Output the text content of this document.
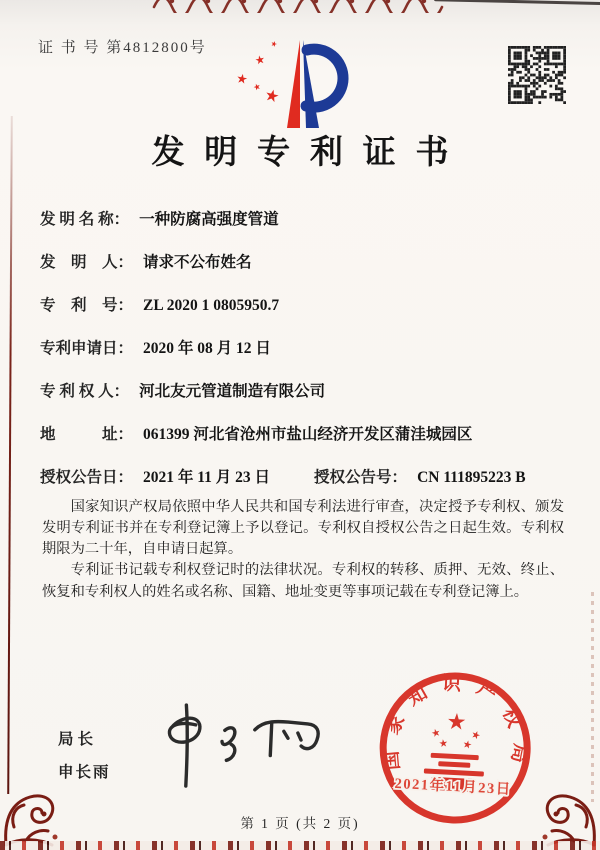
证 书 号 第4812800号
发明专利证书
发 明 名 称： 一种防腐高强度管道
发　明　人： 请求不公布姓名
专　利　号： ZL 2020 1 0805950.7
专利申请日： 2020 年 08 月 12 日
专 利 权 人： 河北友元管道制造有限公司
地　　　址： 061399 河北省沧州市盐山经济开发区蒲洼城园区
授权公告日： 2021 年 11 月 23 日	授权公告号： CN 111895223 B

国家知识产权局依照中华人民共和国专利法进行审查，决定授予专利权、颁发发明专利证书并在专利登记簿上予以登记。专利权自授权公告之日起生效。专利权期限为二十年，自申请日起算。

专利证书记载专利权登记时的法律状况。专利权的转移、质押、无效、终止、恢复和专利权人的姓名或名称、国籍、地址变更等事项记载在专利登记簿上。

局长
申长雨
国家知识产权局
2021年11月23日
第 1 页 (共 2 页)
